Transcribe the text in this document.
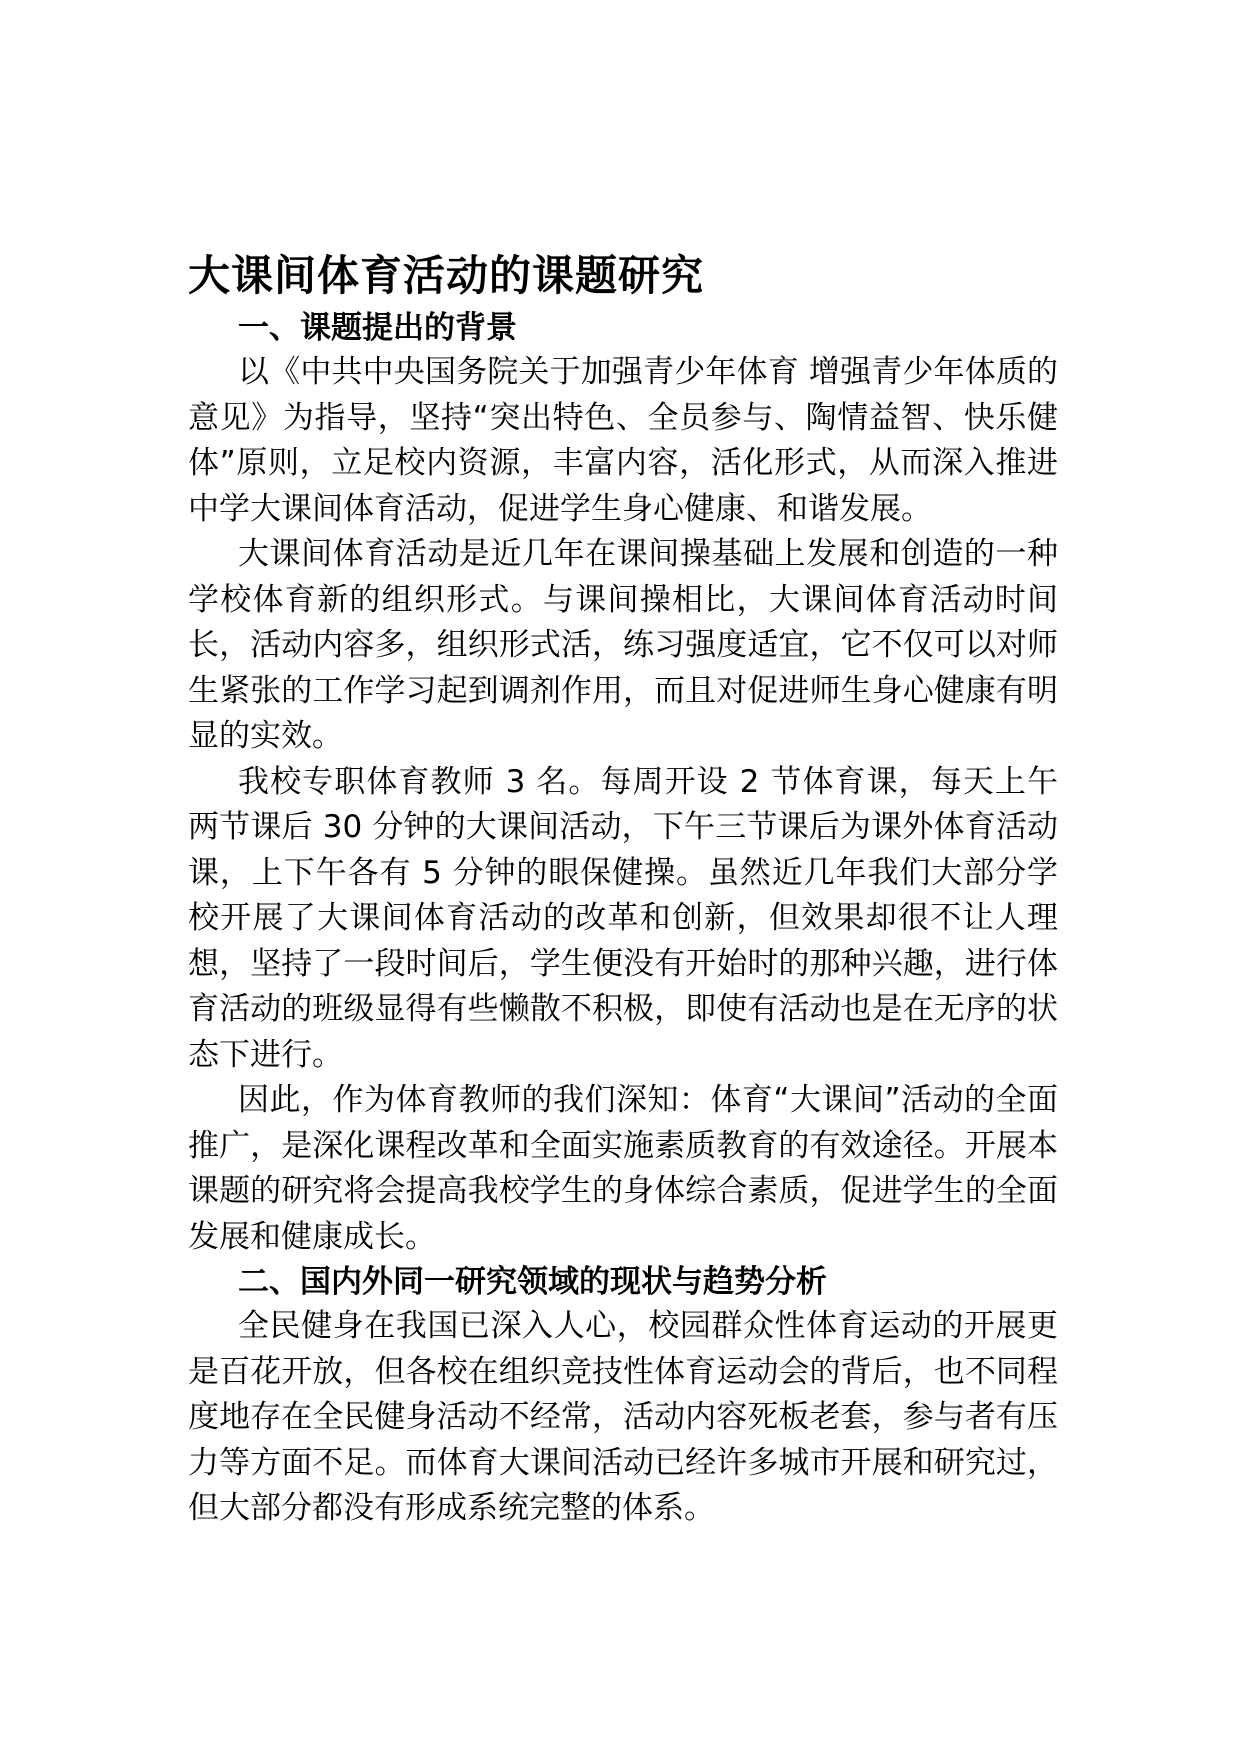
大课间体育活动的课题研究
一、课题提出的背景

以《中共中央国务院关于加强青少年体育 增强青少年体质的意见》为指导，坚持“突出特色、全员参与、陶情益智、快乐健体”原则，立足校内资源，丰富内容，活化形式，从而深入推进中学大课间体育活动，促进学生身心健康、和谐发展。

大课间体育活动是近几年在课间操基础上发展和创造的一种学校体育新的组织形式。与课间操相比，大课间体育活动时间长，活动内容多，组织形式活，练习强度适宜，它不仅可以对师生紧张的工作学习起到调剂作用，而且对促进师生身心健康有明显的实效。

我校专职体育教师 3 名。每周开设 2 节体育课，每天上午两节课后 30 分钟的大课间活动，下午三节课后为课外体育活动课，上下午各有 5 分钟的眼保健操。虽然近几年我们大部分学校开展了大课间体育活动的改革和创新，但效果却很不让人理想，坚持了一段时间后，学生便没有开始时的那种兴趣，进行体育活动的班级显得有些懒散不积极，即使有活动也是在无序的状态下进行。

因此，作为体育教师的我们深知：体育“大课间”活动的全面推广，是深化课程改革和全面实施素质教育的有效途径。开展本课题的研究将会提高我校学生的身体综合素质，促进学生的全面发展和健康成长。

二、国内外同一研究领域的现状与趋势分析

全民健身在我国已深入人心，校园群众性体育运动的开展更是百花开放，但各校在组织竞技性体育运动会的背后，也不同程度地存在全民健身活动不经常，活动内容死板老套，参与者有压力等方面不足。而体育大课间活动已经许多城市开展和研究过，但大部分都没有形成系统完整的体系。
